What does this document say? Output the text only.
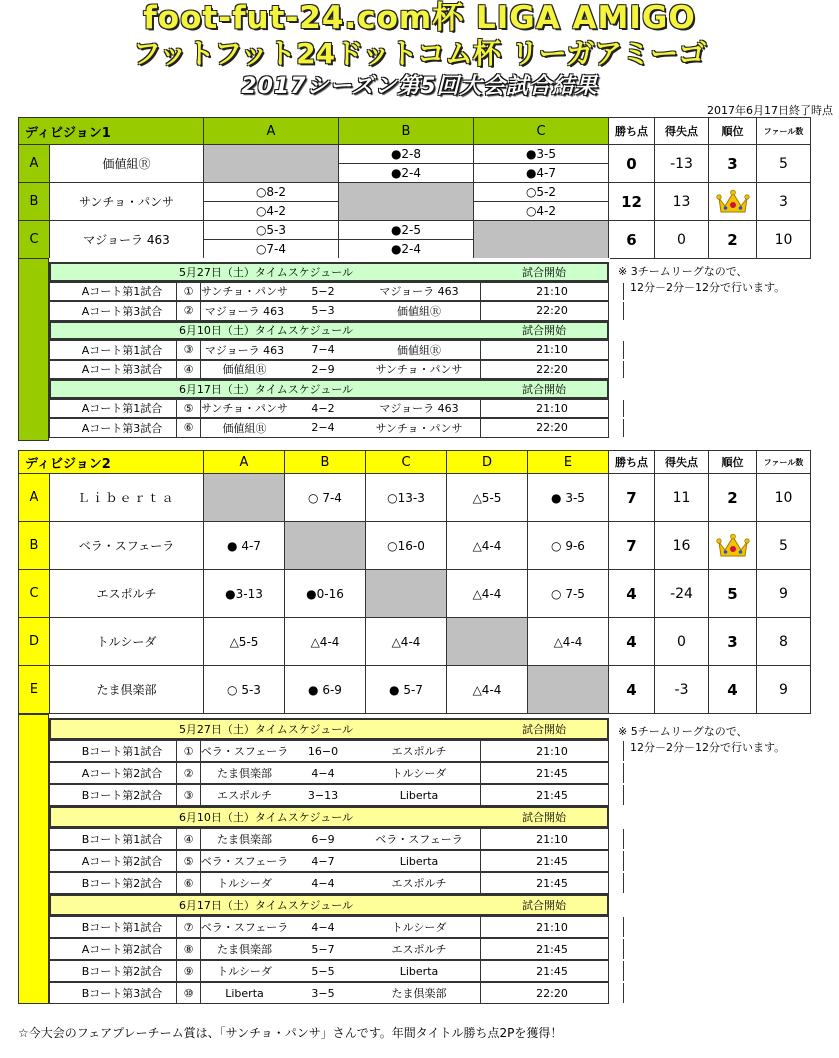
foot-fut-24.com杯 LIGA AMIGO
フットフット24ドットコム杯 リーガアミーゴ
2017シーズン第5回大会試合結果
2017年6月17日終了時点
ディビジョン1		A	B	C	勝ち点	得失点	順位	ファール数
A	価値組Ⓡ		●2-8	●3-5	0	-13	3	5
			●2-4	●4-7				
B	サンチョ・パンサ	○8-2		○5-2	12	13		3
		○4-2		○4-2				
C	マジョーラ 463	○5-3	●2-5		6	0	2	10
		○7-4	●2-4					
5月27日（土）タイムスケジュール	試合開始
Aコート第1試合	① サンチョ・パンサ	5−2	マジョーラ 463	21:10
Aコート第3試合	②	マジョーラ 463	5−3	価値組Ⓡ	22:20
6月10日（土）タイムスケジュール	試合開始
Aコート第1試合	③	マジョーラ 463	7−4	価値組Ⓡ	21:10
Aコート第3試合	④	価値組Ⓡ	2−9	サンチョ・パンサ	22:20
6月17日（土）タイムスケジュール	試合開始
Aコート第1試合	⑤ サンチョ・パンサ	4−2	マジョーラ 463	21:10
Aコート第3試合	⑥	価値組Ⓡ	2−4	サンチョ・パンサ	22:20
※ 3チームリーグなので、
12分－2分－12分で行います。
ディビジョン2		A	B	C	D	E	勝ち点	得失点	順位	ファール数
A	Ｌｉｂｅｒｔａ		○ 7-4	○13-3	△5-5	● 3-5	7	11	2	10
B	ベラ・スフェーラ	● 4-7		○16-0	△4-4	○ 9-6	7	16		5
C	エスポルチ	●3-13	●0-16		△4-4	○ 7-5	4	-24	5	9
D	トルシーダ	△5-5	△4-4	△4-4		△4-4	4	0	3	8
E	たま倶楽部	○ 5-3	● 6-9	● 5-7	△4-4		4	-3	4	9
5月27日（土）タイムスケジュール	試合開始
Bコート第1試合	① ベラ・スフェーラ	16−0	エスポルチ	21:10
Aコート第2試合	②	たま倶楽部	4−4	トルシーダ	21:45
Bコート第2試合	③	エスポルチ	3−13	Liberta	21:45
6月10日（土）タイムスケジュール	試合開始
Bコート第1試合	④	たま倶楽部	6−9	ベラ・スフェーラ	21:10
Aコート第2試合	⑤ ベラ・スフェーラ	4−7	Liberta	21:45
Bコート第2試合	⑥	トルシーダ	4−4	エスポルチ	21:45
6月17日（土）タイムスケジュール	試合開始
Bコート第1試合	⑦ ベラ・スフェーラ	4−4	トルシーダ	21:10
Aコート第2試合	⑧	たま倶楽部	5−7	エスポルチ	21:45
Bコート第2試合	⑨	トルシーダ	5−5	Liberta	21:45
Bコート第3試合	⑩	Liberta	3−5	たま倶楽部	22:20
※ 5チームリーグなので、
12分－2分－12分で行います。
☆今大会のフェアプレーチーム賞は、「サンチョ・パンサ」さんです。年間タイトル勝ち点2Pを獲得！
